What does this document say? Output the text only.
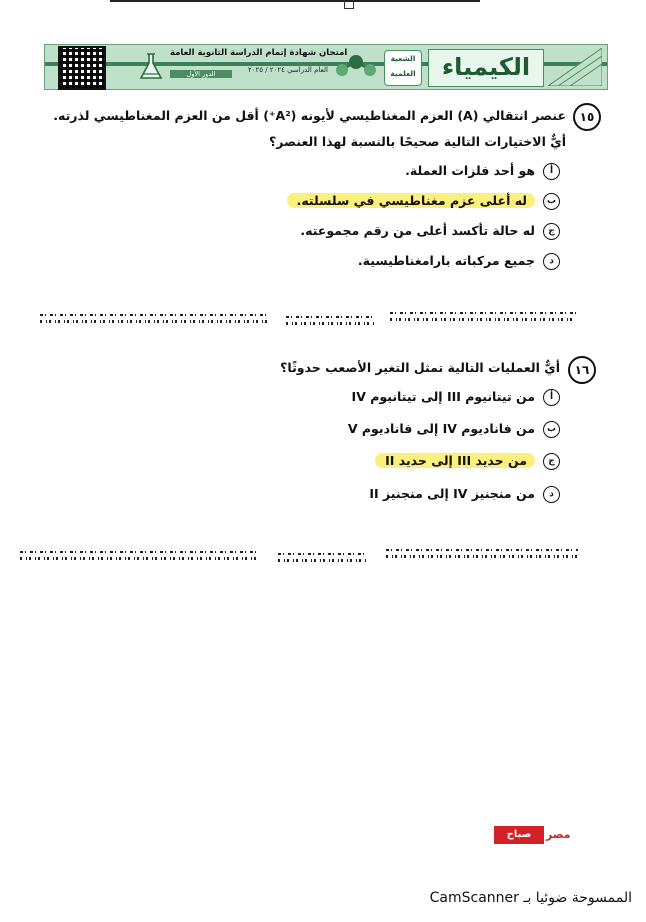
امتحان شهادة إتمام الدراسة الثانوية العامة
العام الدراسي ٢٠٢٤ / ٢٠٢٥
الدور الأول
الشعبة
العلمية	الكيمياء
١٥
عنصر انتقالي (A) العزم المغناطيسي لأيونه (A²⁺) أقل من العزم المغناطيسي لذرته.
أيٌّ الاختيارات التالية صحيحًا بالنسبة لهذا العنصر؟
أهو أحد فلزات العملة.
بله أعلى عزم مغناطيسي في سلسلته.
جله حالة تأكسد أعلى من رقم مجموعته.
دجميع مركباته بارامغناطيسية.
١٦
أيٌّ العمليات التالية تمثل التغير الأصعب حدوثًا؟
أمن تيتانيوم III إلى تيتانيوم IV
بمن فاناديوم IV إلى فاناديوم V
جمن حديد III إلى حديد II
دمن منجنيز IV إلى منجنيز II
صباح	مصر
الممسوحة ضوئيا بـ CamScanner
